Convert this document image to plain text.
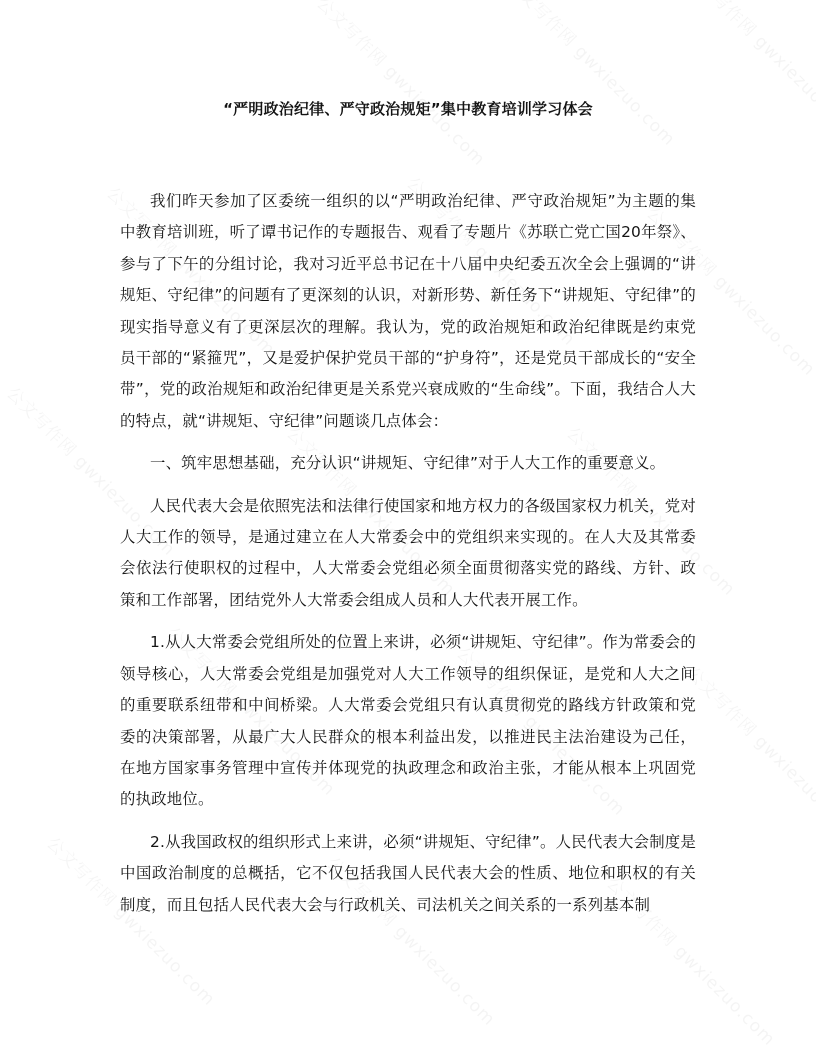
“严明政治纪律、严守政治规矩”集中教育培训学习体会

我们昨天参加了区委统一组织的以“严明政治纪律、严守政治规矩”为主题的集中教育培训班，听了谭书记作的专题报告、观看了专题片《苏联亡党亡国20年祭》、参与了下午的分组讨论，我对习近平总书记在十八届中央纪委五次全会上强调的“讲规矩、守纪律”的问题有了更深刻的认识，对新形势、新任务下“讲规矩、守纪律”的现实指导意义有了更深层次的理解。我认为，党的政治规矩和政治纪律既是约束党员干部的“紧箍咒”，又是爱护保护党员干部的“护身符”，还是党员干部成长的“安全带”，党的政治规矩和政治纪律更是关系党兴衰成败的“生命线”。下面，我结合人大的特点，就“讲规矩、守纪律”问题谈几点体会：

一、筑牢思想基础，充分认识“讲规矩、守纪律”对于人大工作的重要意义。

人民代表大会是依照宪法和法律行使国家和地方权力的各级国家权力机关，党对人大工作的领导，是通过建立在人大常委会中的党组织来实现的。在人大及其常委会依法行使职权的过程中，人大常委会党组必须全面贯彻落实党的路线、方针、政策和工作部署，团结党外人大常委会组成人员和人大代表开展工作。

1.从人大常委会党组所处的位置上来讲，必须“讲规矩、守纪律”。作为常委会的领导核心，人大常委会党组是加强党对人大工作领导的组织保证，是党和人大之间的重要联系纽带和中间桥梁。人大常委会党组只有认真贯彻党的路线方针政策和党委的决策部署，从最广大人民群众的根本利益出发，以推进民主法治建设为己任，在地方国家事务管理中宣传并体现党的执政理念和政治主张，才能从根本上巩固党的执政地位。

2.从我国政权的组织形式上来讲，必须“讲规矩、守纪律”。人民代表大会制度是中国政治制度的总概括，它不仅包括我国人民代表大会的性质、地位和职权的有关制度，而且包括人民代表大会与行政机关、司法机关之间关系的一系列基本制
